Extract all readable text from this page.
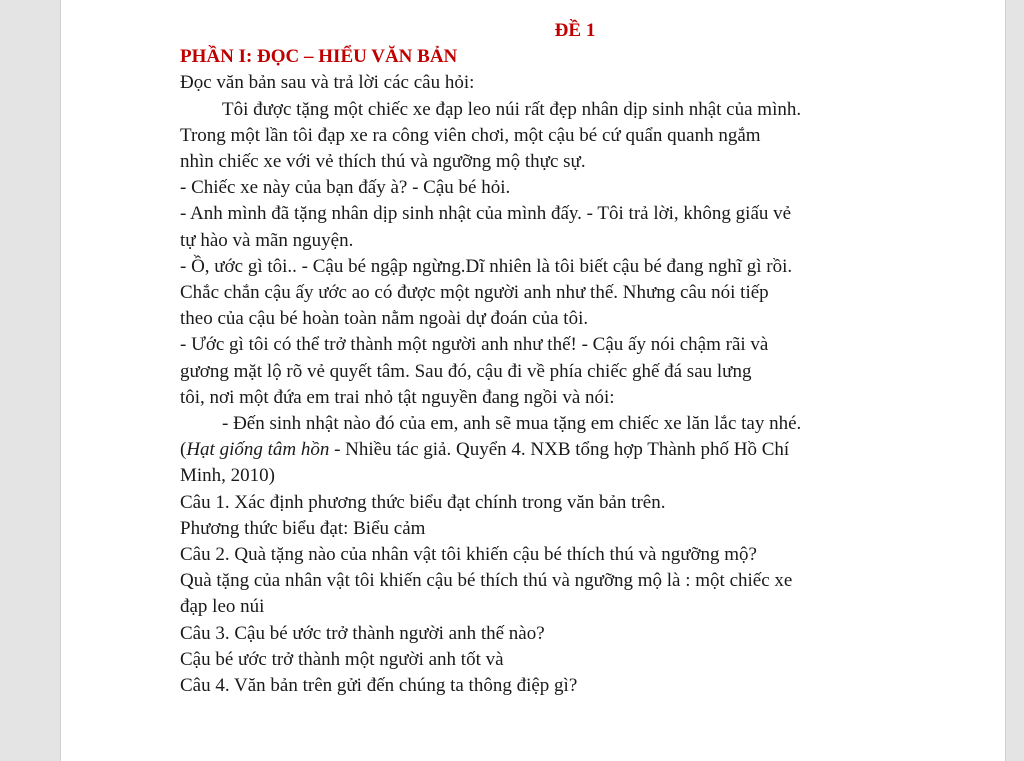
ĐỀ 1

PHẦN I: ĐỌC – HIỂU VĂN BẢN

Đọc văn bản sau và trả lời các câu hỏi:

Tôi được tặng một chiếc xe đạp leo núi rất đẹp nhân dịp sinh nhật của mình.

Trong một lần tôi đạp xe ra công viên chơi, một cậu bé cứ quẩn quanh ngắm

nhìn chiếc xe với vẻ thích thú và ngưỡng mộ thực sự.

- Chiếc xe này của bạn đấy à? - Cậu bé hỏi.

- Anh mình đã tặng nhân dịp sinh nhật của mình đấy. - Tôi trả lời, không giấu vẻ

tự hào và mãn nguyện.

- Ồ, ước gì tôi.. - Cậu bé ngập ngừng.Dĩ nhiên là tôi biết cậu bé đang nghĩ gì rồi.

Chắc chắn cậu ấy ước ao có được một người anh như thế. Nhưng câu nói tiếp

theo của cậu bé hoàn toàn nằm ngoài dự đoán của tôi.

- Ước gì tôi có thể trở thành một người anh như thế! - Cậu ấy nói chậm rãi và

gương mặt lộ rõ vẻ quyết tâm. Sau đó, cậu đi về phía chiếc ghế đá sau lưng

tôi, nơi một đứa em trai nhỏ tật nguyền đang ngồi và nói:

- Đến sinh nhật nào đó của em, anh sẽ mua tặng em chiếc xe lăn lắc tay nhé.

(Hạt giống tâm hồn - Nhiều tác giả. Quyển 4. NXB tổng hợp Thành phố Hồ Chí

Minh, 2010)

Câu 1. Xác định phương thức biểu đạt chính trong văn bản trên.

Phương thức biểu đạt: Biểu cảm

Câu 2. Quà tặng nào của nhân vật tôi khiến cậu bé thích thú và ngưỡng mộ?

Quà tặng của nhân vật tôi khiến cậu bé thích thú và ngưỡng mộ là : một chiếc xe

đạp leo núi

Câu 3. Cậu bé ước trở thành người anh thế nào?

Cậu bé ước trở thành một người anh tốt và

Câu 4. Văn bản trên gửi đến chúng ta thông điệp gì?
